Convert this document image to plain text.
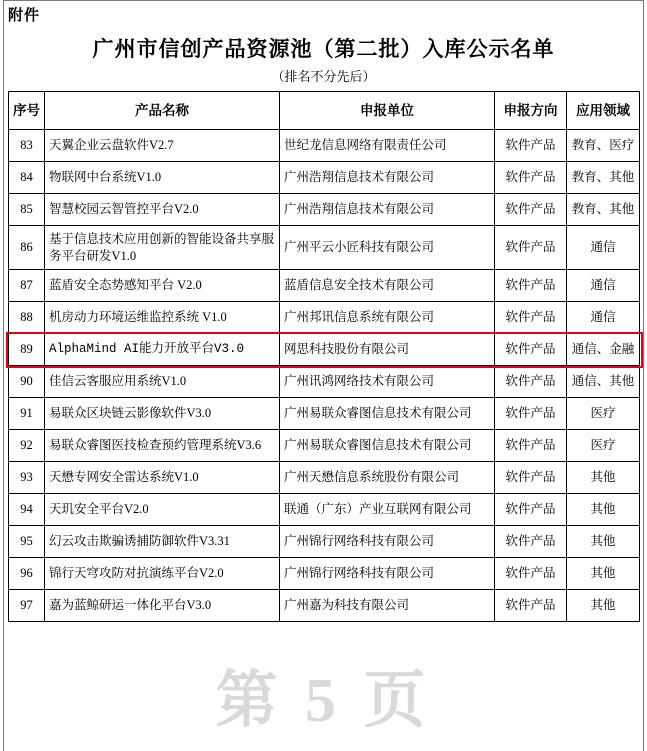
附件
广州市信创产品资源池（第二批）入库公示名单
（排名不分先后）
序号	产品名称	申报单位	申报方向	应用领域
83	天翼企业云盘软件V2.7	世纪龙信息网络有限责任公司	软件产品	教育、医疗
84	物联网中台系统V1.0	广州浩翔信息技术有限公司	软件产品	教育、其他
85	智慧校园云智管控平台V2.0	广州浩翔信息技术有限公司	软件产品	教育、其他
86	基于信息技术应用创新的智能设备共享服务平台研发V1.0	广州平云小匠科技有限公司	软件产品	通信
87	蓝盾安全态势感知平台 V2.0	蓝盾信息安全技术有限公司	软件产品	通信
88	机房动力环境运维监控系统 V1.0	广州邦讯信息系统有限公司	软件产品	通信
89	AlphaMind AI能力开放平台V3.0	网思科技股份有限公司	软件产品	通信、金融
90	佳信云客服应用系统V1.0	广州讯鸿网络技术有限公司	软件产品	通信、其他
91	易联众区块链云影像软件V3.0	广州易联众睿图信息技术有限公司	软件产品	医疗
92	易联众睿图医技检查预约管理系统V3.6	广州易联众睿图信息技术有限公司	软件产品	医疗
93	天懋专网安全雷达系统V1.0	广州天懋信息系统股份有限公司	软件产品	其他
94	天玑安全平台V2.0	联通（广东）产业互联网有限公司	软件产品	其他
95	幻云攻击欺骗诱捕防御软件V3.31	广州锦行网络科技有限公司	软件产品	其他
96	锦行天穹攻防对抗演练平台V2.0	广州锦行网络科技有限公司	软件产品	其他
97	嘉为蓝鲸研运一体化平台V3.0	广州嘉为科技有限公司	软件产品	其他
第 5 页
